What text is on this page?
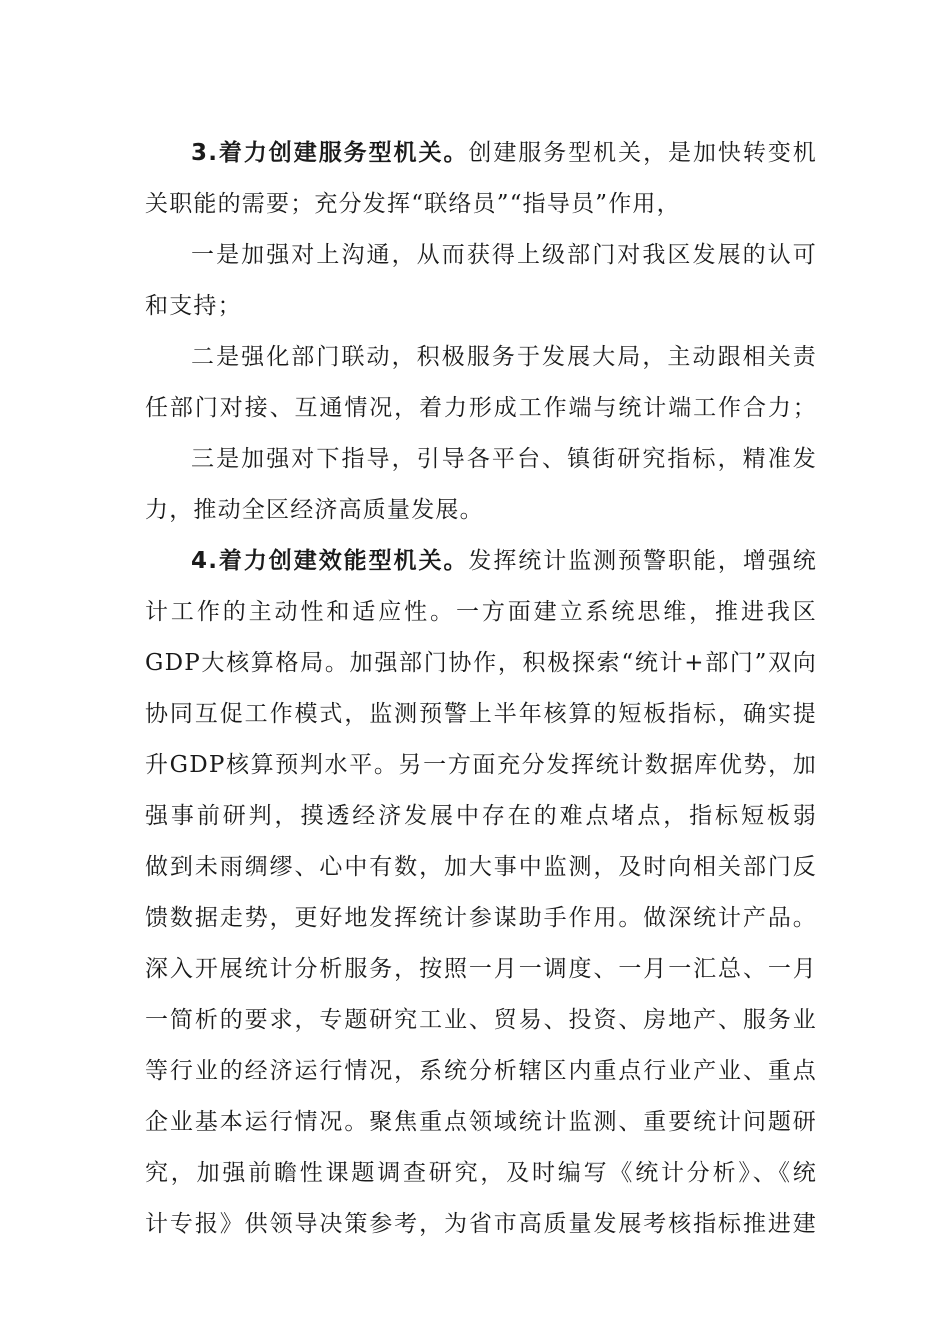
3.着力创建服务型机关。创建服务型机关，是加快转变机
关职能的需要；充分发挥“联络员”“指导员”作用，
一是加强对上沟通，从而获得上级部门对我区发展的认可
和支持；
二是强化部门联动，积极服务于发展大局，主动跟相关责
任部门对接、互通情况，着力形成工作端与统计端工作合力；
三是加强对下指导，引导各平台、镇街研究指标，精准发
力，推动全区经济高质量发展。
4.着力创建效能型机关。发挥统计监测预警职能，增强统
计工作的主动性和适应性。一方面建立系统思维，推进我区
GDP大核算格局。加强部门协作，积极探索“统计+部门”双向
协同互促工作模式，监测预警上半年核算的短板指标，确实提
升GDP核算预判水平。另一方面充分发挥统计数据库优势，加
强事前研判，摸透经济发展中存在的难点堵点，指标短板弱
做到未雨绸缪、心中有数，加大事中监测，及时向相关部门反
馈数据走势，更好地发挥统计参谋助手作用。做深统计产品。
深入开展统计分析服务，按照一月一调度、一月一汇总、一月
一简析的要求，专题研究工业、贸易、投资、房地产、服务业
等行业的经济运行情况，系统分析辖区内重点行业产业、重点
企业基本运行情况。聚焦重点领域统计监测、重要统计问题研
究，加强前瞻性课题调查研究，及时编写《统计分析》、《统
计专报》供领导决策参考，为省市高质量发展考核指标推进建
